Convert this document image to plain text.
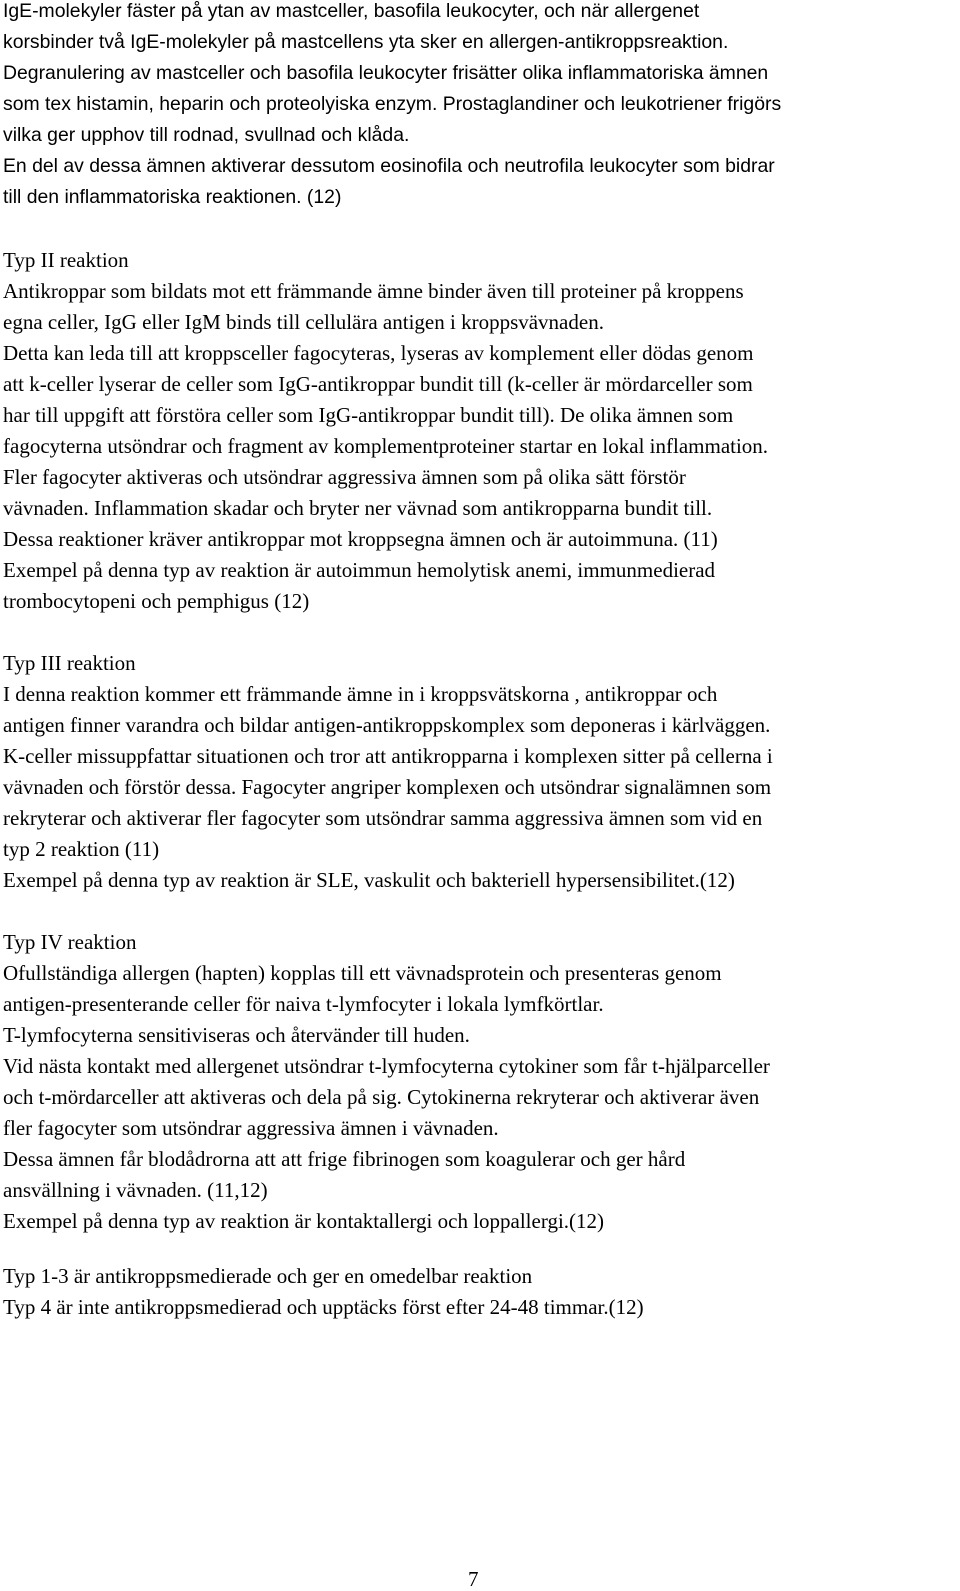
IgE-molekyler fäster på ytan av mastceller, basofila leukocyter, och när allergenet
korsbinder två IgE-molekyler på mastcellens yta sker en allergen-antikroppsreaktion.
Degranulering av mastceller och basofila leukocyter frisätter olika inflammatoriska ämnen
som tex histamin, heparin och proteolyiska enzym. Prostaglandiner och leukotriener frigörs
vilka ger upphov till rodnad, svullnad och klåda.
En del av dessa ämnen aktiverar dessutom eosinofila och neutrofila leukocyter som bidrar
till den inflammatoriska reaktionen. (12)
Typ II reaktion
Antikroppar som bildats mot ett främmande ämne binder även till proteiner på kroppens
egna celler, IgG eller IgM binds till cellulära antigen i kroppsvävnaden.
Detta kan leda till att kroppsceller fagocyteras, lyseras av komplement eller dödas genom
att k-celler lyserar de celler som IgG-antikroppar bundit till (k-celler är mördarceller som
har till uppgift att förstöra celler som IgG-antikroppar bundit till). De olika ämnen som
fagocyterna utsöndrar och fragment av komplementproteiner startar en lokal inflammation.
Fler fagocyter aktiveras och utsöndrar aggressiva ämnen som på olika sätt förstör
vävnaden. Inflammation skadar och bryter ner vävnad som antikropparna bundit till.
Dessa reaktioner kräver antikroppar mot kroppsegna ämnen och är autoimmuna. (11)
Exempel på denna typ av reaktion är autoimmun hemolytisk anemi, immunmedierad
trombocytopeni och pemphigus (12)
Typ III reaktion
I denna reaktion kommer ett främmande ämne in i kroppsvätskorna , antikroppar och
antigen finner varandra och bildar antigen-antikroppskomplex som deponeras i kärlväggen.
K-celler missuppfattar situationen och tror att antikropparna i komplexen sitter på cellerna i
vävnaden och förstör dessa. Fagocyter angriper komplexen och utsöndrar signalämnen som
rekryterar och aktiverar fler fagocyter som utsöndrar samma aggressiva ämnen som vid en
typ 2 reaktion (11)
Exempel på denna typ av reaktion är SLE, vaskulit och bakteriell hypersensibilitet.(12)
Typ IV reaktion
Ofullständiga allergen (hapten) kopplas till ett vävnadsprotein och presenteras genom
antigen-presenterande celler för naiva t-lymfocyter i lokala lymfkörtlar.
T-lymfocyterna sensitiviseras och återvänder till huden.
Vid nästa kontakt med allergenet utsöndrar t-lymfocyterna cytokiner som får t-hjälparceller
och t-mördarceller att aktiveras och dela på sig. Cytokinerna rekryterar och aktiverar även
fler fagocyter som utsöndrar aggressiva ämnen i vävnaden.
Dessa ämnen får blodådrorna att att frige fibrinogen som koagulerar och ger hård
ansvällning i vävnaden. (11,12)
Exempel på denna typ av reaktion är kontaktallergi och loppallergi.(12)
Typ 1-3 är antikroppsmedierade och ger en omedelbar reaktion
Typ 4 är inte antikroppsmedierad och upptäcks först efter 24-48 timmar.(12)
7
